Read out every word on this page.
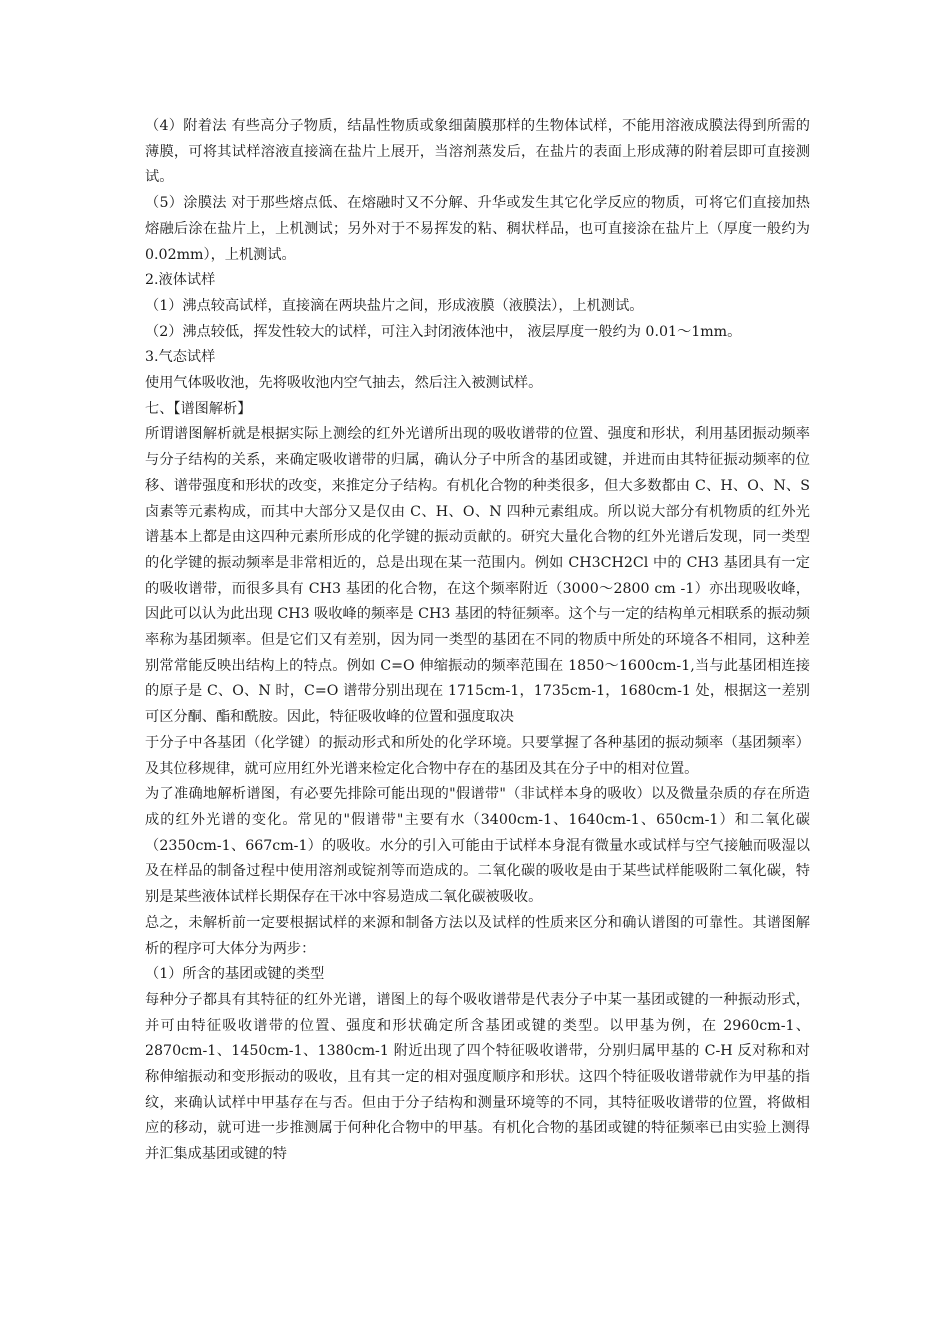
（4）附着法 有些高分子物质，结晶性物质或象细菌膜那样的生物体试样，不能用溶液成膜法得到所需的薄膜，可将其试样溶液直接滴在盐片上展开，当溶剂蒸发后，在盐片的表面上形成薄的附着层即可直接测试。

（5）涂膜法 对于那些熔点低、在熔融时又不分解、升华或发生其它化学反应的物质，可将它们直接加热熔融后涂在盐片上，上机测试；另外对于不易挥发的粘、稠状样品，也可直接涂在盐片上（厚度一般约为 0.02mm），上机测试。

2.液体试样

（1）沸点较高试样，直接滴在两块盐片之间，形成液膜（液膜法），上机测试。

（2）沸点较低，挥发性较大的试样，可注入封闭液体池中， 液层厚度一般约为 0.01～1mm。

3.气态试样

使用气体吸收池，先将吸收池内空气抽去，然后注入被测试样。

七、【谱图解析】

所谓谱图解析就是根据实际上测绘的红外光谱所出现的吸收谱带的位置、强度和形状，利用基团振动频率与分子结构的关系，来确定吸收谱带的归属，确认分子中所含的基团或键，并进而由其特征振动频率的位移、谱带强度和形状的改变，来推定分子结构。有机化合物的种类很多，但大多数都由 C、H、O、N、S 卤素等元素构成，而其中大部分又是仅由 C、H、O、N 四种元素组成。所以说大部分有机物质的红外光谱基本上都是由这四种元素所形成的化学键的振动贡献的。研究大量化合物的红外光谱后发现，同一类型的化学键的振动频率是非常相近的，总是出现在某一范围内。例如 CH3CH2Cl 中的 CH3 基团具有一定的吸收谱带，而很多具有 CH3 基团的化合物，在这个频率附近（3000～2800 cm -1）亦出现吸收峰，因此可以认为此出现 CH3 吸收峰的频率是 CH3 基团的特征频率。这个与一定的结构单元相联系的振动频率称为基团频率。但是它们又有差别，因为同一类型的基团在不同的物质中所处的环境各不相同，这种差别常常能反映出结构上的特点。例如 C=O 伸缩振动的频率范围在 1850～1600cm-1,当与此基团相连接的原子是 C、O、N 时，C=O 谱带分别出现在 1715cm-1，1735cm-1，1680cm-1 处，根据这一差别可区分酮、酯和酰胺。因此，特征吸收峰的位置和强度取决

于分子中各基团（化学键）的振动形式和所处的化学环境。只要掌握了各种基团的振动频率（基团频率）及其位移规律，就可应用红外光谱来检定化合物中存在的基团及其在分子中的相对位置。

为了准确地解析谱图，有必要先排除可能出现的"假谱带"（非试样本身的吸收）以及微量杂质的存在所造成的红外光谱的变化。常见的"假谱带"主要有水（3400cm-1、1640cm-1、650cm-1）和二氧化碳（2350cm-1、667cm-1）的吸收。水分的引入可能由于试样本身混有微量水或试样与空气接触而吸湿以及在样品的制备过程中使用溶剂或锭剂等而造成的。二氧化碳的吸收是由于某些试样能吸附二氧化碳，特别是某些液体试样长期保存在干冰中容易造成二氧化碳被吸收。

总之，未解析前一定要根据试样的来源和制备方法以及试样的性质来区分和确认谱图的可靠性。其谱图解析的程序可大体分为两步：

（1）所含的基团或键的类型

每种分子都具有其特征的红外光谱，谱图上的每个吸收谱带是代表分子中某一基团或键的一种振动形式，并可由特征吸收谱带的位置、强度和形状确定所含基团或键的类型。以甲基为例，在 2960cm-1、2870cm-1、1450cm-1、1380cm-1 附近出现了四个特征吸收谱带，分别归属甲基的 C-H 反对称和对称伸缩振动和变形振动的吸收，且有其一定的相对强度顺序和形状。这四个特征吸收谱带就作为甲基的指纹，来确认试样中甲基存在与否。但由于分子结构和测量环境等的不同，其特征吸收谱带的位置，将做相应的移动，就可进一步推测属于何种化合物中的甲基。有机化合物的基团或键的特征频率已由实验上测得并汇集成基团或键的特
